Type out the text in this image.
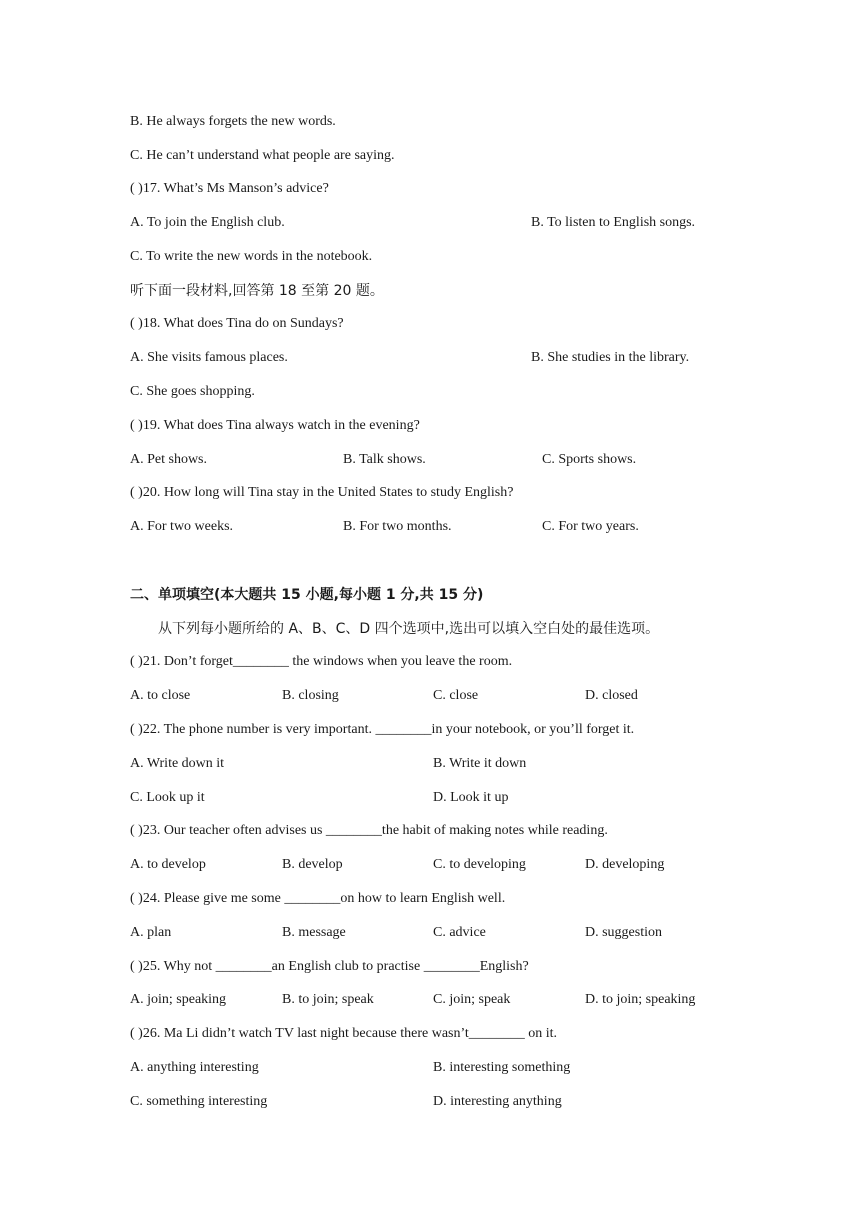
B. He always forgets the new words.
C. He can’t understand what people are saying.
( )17. What’s Ms Manson’s advice?
A. To join the English club.	B. To listen to English songs.
C. To write the new words in the notebook.
听下面一段材料,回答第 18 至第 20 题。
( )18. What does Tina do on Sundays?
A. She visits famous places.	B. She studies in the library.
C. She goes shopping.
( )19. What does Tina always watch in the evening?
A. Pet shows.	B. Talk shows.	C. Sports shows.
( )20. How long will Tina stay in the United States to study English?
A. For two weeks.	B. For two months.	C. For two years.
二、单项填空(本大题共 15 小题,每小题 1 分,共 15 分)
从下列每小题所给的 A、B、C、D 四个选项中,选出可以填入空白处的最佳选项。
( )21. Don’t forget________ the windows when you leave the room.
A. to close	B. closing	C. close	D. closed
( )22. The phone number is very important. ________in your notebook, or you’ll forget it.
A. Write down it	B. Write it down
C. Look up it	D. Look it up
( )23. Our teacher often advises us ________the habit of making notes while reading.
A. to develop	B. develop	C. to developing	D. developing
( )24. Please give me some ________on how to learn English well.
A. plan	B. message	C. advice	D. suggestion
( )25. Why not ________an English club to practise ________English?
A. join; speaking	B. to join; speak	C. join; speak	D. to join; speaking
( )26. Ma Li didn’t watch TV last night because there wasn’t________ on it.
A. anything interesting	B. interesting something
C. something interesting	D. interesting anything
